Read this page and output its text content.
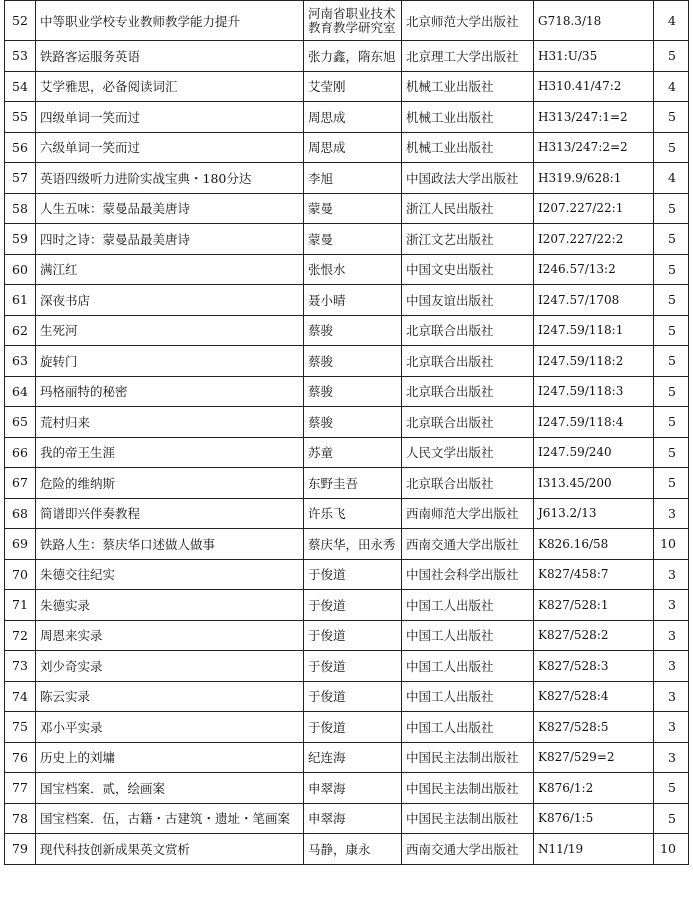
52	中等职业学校专业教师教学能力提升	河南省职业技术教育教学研究室	北京师范大学出版社	G718.3/18	4
53	铁路客运服务英语	张力鑫，隋东旭	北京理工大学出版社	H31:U/35	5
54	艾学雅思，必备阅读词汇	艾莹刚	机械工业出版社	H310.41/47:2	4
55	四级单词一笑而过	周思成	机械工业出版社	H313/247:1=2	5
56	六级单词一笑而过	周思成	机械工业出版社	H313/247:2=2	5
57	英语四级听力进阶实战宝典・180分达	李旭	中国政法大学出版社	H319.9/628:1	4
58	人生五味：蒙曼品最美唐诗	蒙曼	浙江人民出版社	I207.227/22:1	5
59	四时之诗：蒙曼品最美唐诗	蒙曼	浙江文艺出版社	I207.227/22:2	5
60	满江红	张恨水	中国文史出版社	I246.57/13:2	5
61	深夜书店	聂小晴	中国友谊出版社	I247.57/1708	5
62	生死河	蔡骏	北京联合出版社	I247.59/118:1	5
63	旋转门	蔡骏	北京联合出版社	I247.59/118:2	5
64	玛格丽特的秘密	蔡骏	北京联合出版社	I247.59/118:3	5
65	荒村归来	蔡骏	北京联合出版社	I247.59/118:4	5
66	我的帝王生涯	苏童	人民文学出版社	I247.59/240	5
67	危险的维纳斯	东野圭吾	北京联合出版社	I313.45/200	5
68	简谱即兴伴奏教程	许乐飞	西南师范大学出版社	J613.2/13	3
69	铁路人生：蔡庆华口述做人做事	蔡庆华，田永秀	西南交通大学出版社	K826.16/58	10
70	朱德交往纪实	于俊道	中国社会科学出版社	K827/458:7	3
71	朱德实录	于俊道	中国工人出版社	K827/528:1	3
72	周恩来实录	于俊道	中国工人出版社	K827/528:2	3
73	刘少奇实录	于俊道	中国工人出版社	K827/528:3	3
74	陈云实录	于俊道	中国工人出版社	K827/528:4	3
75	邓小平实录	于俊道	中国工人出版社	K827/528:5	3
76	历史上的刘墉	纪连海	中国民主法制出版社	K827/529=2	3
77	国宝档案．贰，绘画案	申翠海	中国民主法制出版社	K876/1:2	5
78	国宝档案．伍，古籍・古建筑・遗址・笔画案	申翠海	中国民主法制出版社	K876/1:5	5
79	现代科技创新成果英文赏析	马静，康永	西南交通大学出版社	N11/19	10
